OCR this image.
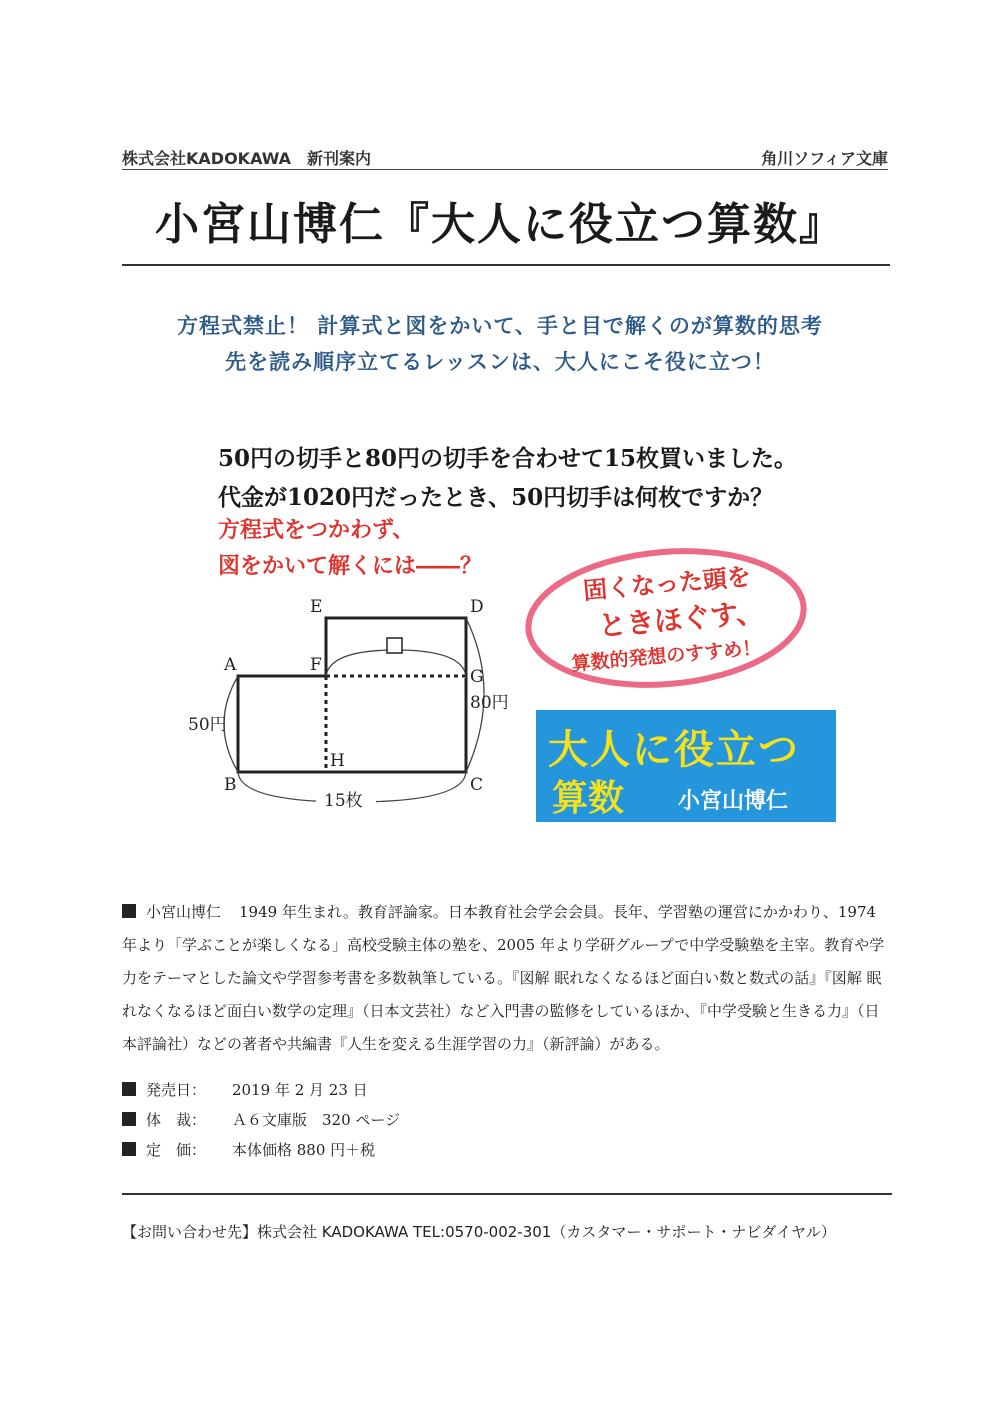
株式会社KADOKAWA　新刊案内	角川ソフィア文庫
小宮山博仁『大人に役立つ算数』
方程式禁止！ 計算式と図をかいて、手と目で解くのが算数的思考
先を読み順序立てるレッスンは、大人にこそ役に立つ！
50円の切手と80円の切手を合わせて15枚買いました。
代金が1020円だったとき、50円切手は何枚ですか？
方程式をつかわず、
図をかいて解くには――？
A
B	C
D
E
F
G
H
50円
80円
15枚
固くなった頭を
ときほぐす、
算数的発想のすすめ！
大人に役立つ
算数 小宮山博仁
小宮山博仁 1949 年生まれ。教育評論家。日本教育社会学会会員。長年、学習塾の運営にかかわり、1974 年より「学ぶことが楽しくなる」高校受験主体の塾を、2005 年より学研グループで中学受験塾を主宰。教育や学力をテーマとした論文や学習参考書を多数執筆している。『図解 眠れなくなるほど面白い数と数式の話』『図解 眠れなくなるほど面白い数学の定理』（日本文芸社）など入門書の監修をしているほか、『中学受験と生きる力』（日本評論社）などの著者や共編書『人生を変える生涯学習の力』（新評論）がある。
発売日： 2019 年 2 月 23 日
体　裁： Ａ６文庫版　320 ページ
定　価： 本体価格 880 円＋税
【お問い合わせ先】株式会社 KADOKAWA TEL:0570-002-301（カスタマー・サポート・ナビダイヤル）
